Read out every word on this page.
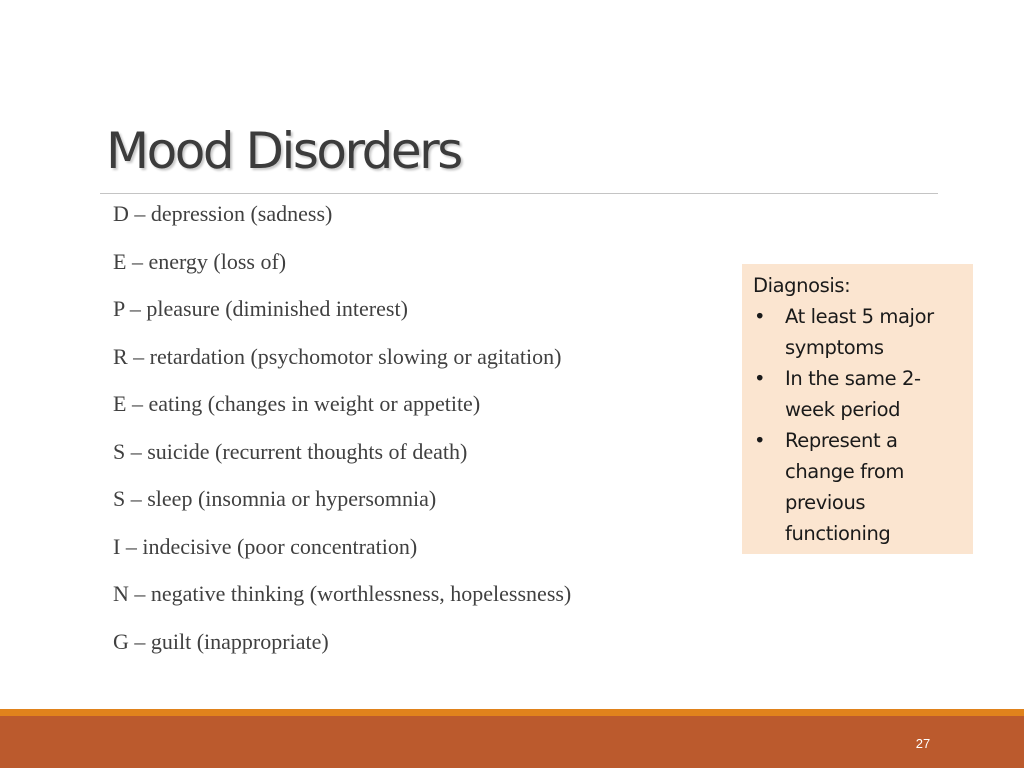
Mood Disorders
D – depression (sadness)
E – energy (loss of)
P – pleasure (diminished interest)
R – retardation (psychomotor slowing or agitation)
E – eating (changes in weight or appetite)
S – suicide (recurrent thoughts of death)
S – sleep (insomnia or hypersomnia)
I – indecisive (poor concentration)
N – negative thinking (worthlessness, hopelessness)
G – guilt (inappropriate)
Diagnosis:
• At least 5 major symptoms
• In the same 2-week period
• Represent a change from previous functioning
27
